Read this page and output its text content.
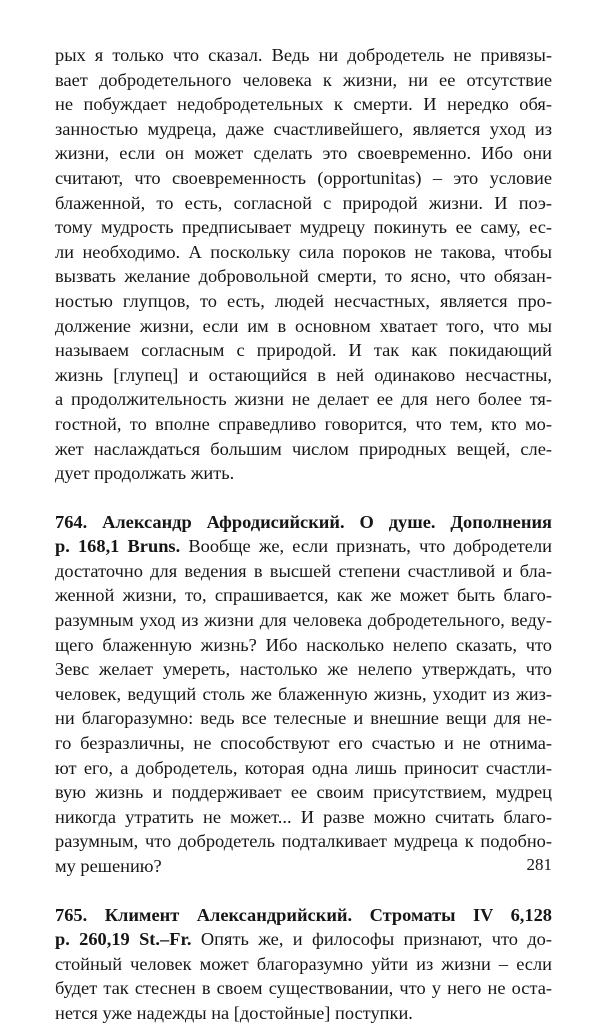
рых я только что сказал. Ведь ни добродетель не привязы-
вает добродетельного человека к жизни, ни ее отсутствие
не побуждает недобродетельных к смерти. И нередко обя-
занностью мудреца, даже счастливейшего, является уход из
жизни, если он может сделать это своевременно. Ибо они
считают, что своевременность (opportunitas) – это условие
блаженной, то есть, согласной с природой жизни. И поэ-
тому мудрость предписывает мудрецу покинуть ее саму, ес-
ли необходимо. А поскольку сила пороков не такова, чтобы
вызвать желание добровольной смерти, то ясно, что обязан-
ностью глупцов, то есть, людей несчастных, является про-
должение жизни, если им в основном хватает того, что мы
называем согласным с природой. И так как покидающий
жизнь [глупец] и остающийся в ней одинаково несчастны,
а продолжительность жизни не делает ее для него более тя-
гостной, то вполне справедливо говорится, что тем, кто мо-
жет наслаждаться большим числом природных вещей, сле-
дует продолжать жить.
764. Александр Афродисийский. О душе. Дополнения
p. 168,1 Bruns. Вообще же, если признать, что добродетели
достаточно для ведения в высшей степени счастливой и бла-
женной жизни, то, спрашивается, как же может быть благо-
разумным уход из жизни для человека добродетельного, веду-
щего блаженную жизнь? Ибо насколько нелепо сказать, что
Зевс желает умереть, настолько же нелепо утверждать, что
человек, ведущий столь же блаженную жизнь, уходит из жиз-
ни благоразумно: ведь все телесные и внешние вещи для не-
го безразличны, не способствуют его счастью и не отнима-
ют его, а добродетель, которая одна лишь приносит счастли-
вую жизнь и поддерживает ее своим присутствием, мудрец
никогда утратить не может... И разве можно считать благо-
разумным, что добродетель подталкивает мудреца к подобно-
му решению?
765. Климент Александрийский. Строматы IV 6,128
p. 260,19 St.–Fr. Опять же, и философы признают, что до-
стойный человек может благоразумно уйти из жизни – если
будет так стеснен в своем существовании, что у него не оста-
нется уже надежды на [достойные] поступки.
281
